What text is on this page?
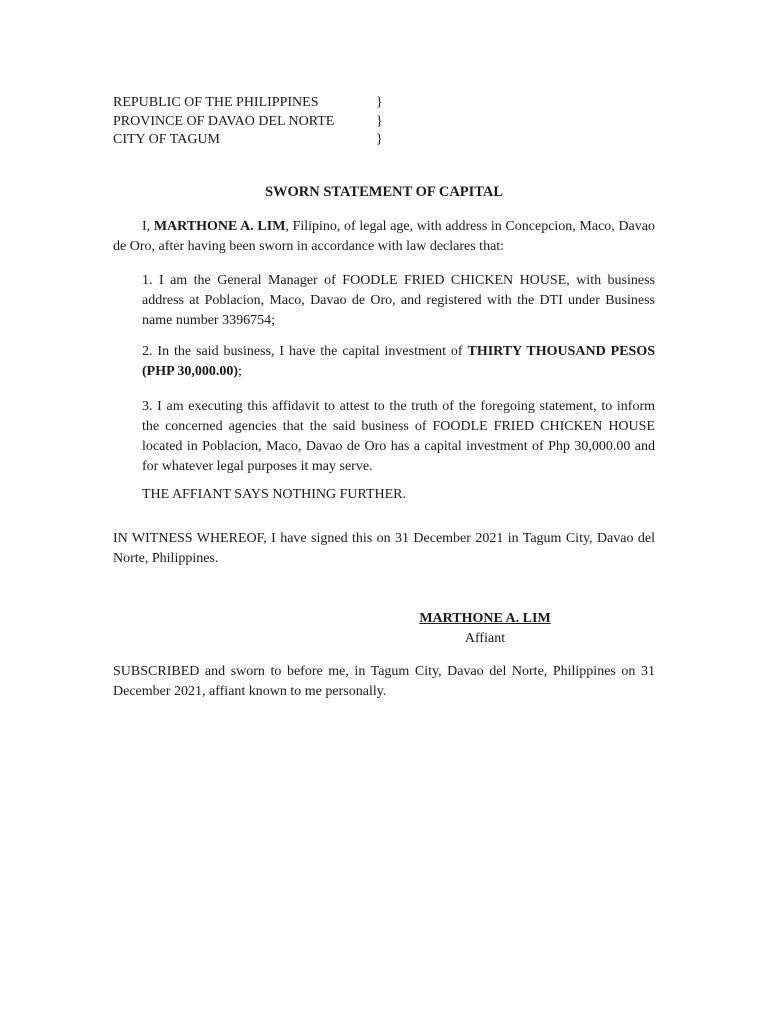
REPUBLIC OF THE PHILIPPINES	}
PROVINCE OF DAVAO DEL NORTE	}
CITY OF TAGUM	}
SWORN STATEMENT OF CAPITAL
I, MARTHONE A. LIM, Filipino, of legal age, with address in Concepcion, Maco, Davao de Oro, after having been sworn in accordance with law declares that:
1. I am the General Manager of FOODLE FRIED CHICKEN HOUSE, with business address at Poblacion, Maco, Davao de Oro, and registered with the DTI under Business name number 3396754;
2. In the said business, I have the capital investment of THIRTY THOUSAND PESOS (PHP 30,000.00);
3. I am executing this affidavit to attest to the truth of the foregoing statement, to inform the concerned agencies that the said business of FOODLE FRIED CHICKEN HOUSE located in Poblacion, Maco, Davao de Oro has a capital investment of Php 30,000.00 and for whatever legal purposes it may serve.
THE AFFIANT SAYS NOTHING FURTHER.
IN WITNESS WHEREOF, I have signed this on 31 December 2021 in Tagum City, Davao del Norte, Philippines.
MARTHONE A. LIM
Affiant
SUBSCRIBED and sworn to before me, in Tagum City, Davao del Norte, Philippines on 31 December 2021, affiant known to me personally.
